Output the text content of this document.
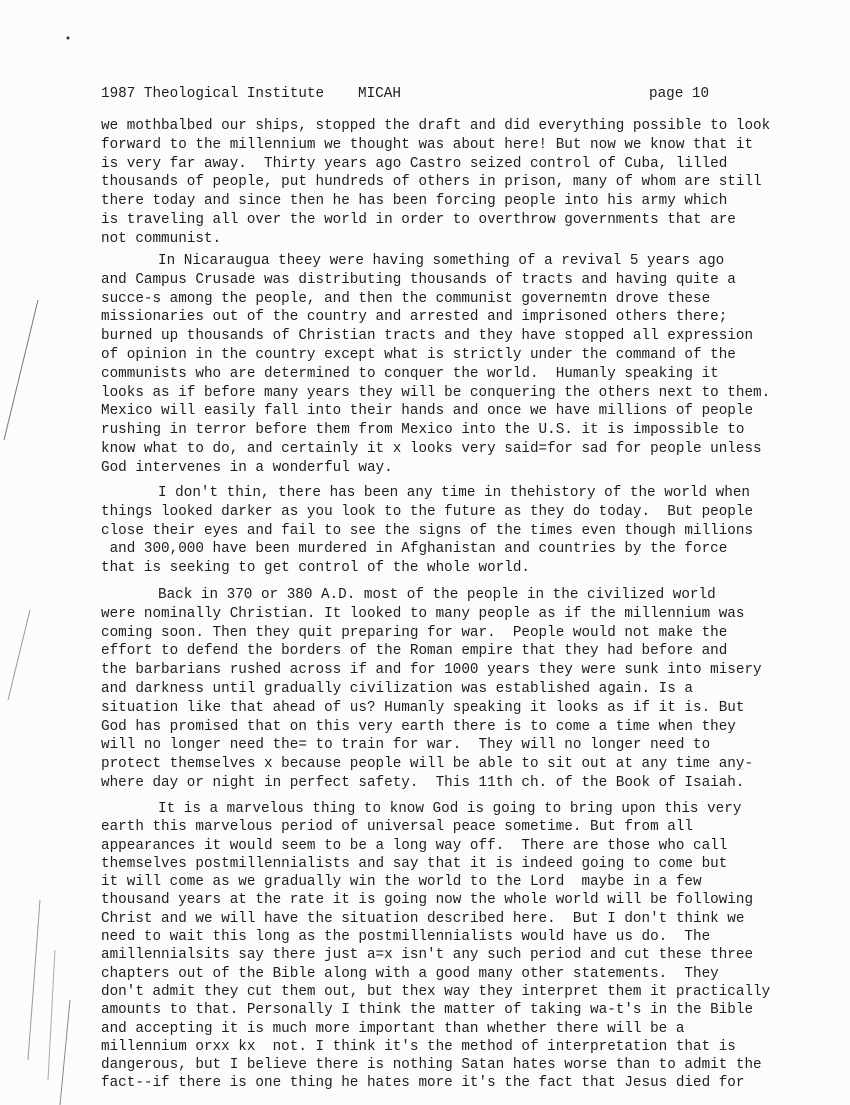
1987 Theological Institute MICAH	page 10
we mothbalbed our ships, stopped the draft and did everything possible to look
forward to the millennium we thought was about here! But now we know that it
is very far away.  Thirty years ago Castro seized control of Cuba, lilled
thousands of people, put hundreds of others in prison, many of whom are still
there today and since then he has been forcing people into his army which
is traveling all over the world in order to overthrow governments that are
not communist.
In Nicaraugua theey were having something of a revival 5 years ago
and Campus Crusade was distributing thousands of tracts and having quite a
succe-s among the people, and then the communist governemtn drove these
missionaries out of the country and arrested and imprisoned others there;
burned up thousands of Christian tracts and they have stopped all expression
of opinion in the country except what is strictly under the command of the
communists who are determined to conquer the world.  Humanly speaking it
looks as if before many years they will be conquering the others next to them.
Mexico will easily fall into their hands and once we have millions of people
rushing in terror before them from Mexico into the U.S. it is impossible to
know what to do, and certainly it x looks very said=for sad for people unless
God intervenes in a wonderful way.
I don't thin, there has been any time in thehistory of the world when
things looked darker as you look to the future as they do today.  But people
close their eyes and fail to see the signs of the times even though millions
and 300,000 have been murdered in Afghanistan and countries by the force
that is seeking to get control of the whole world.
Back in 370 or 380 A.D. most of the people in the civilized world
were nominally Christian. It looked to many people as if the millennium was
coming soon. Then they quit preparing for war.  People would not make the
effort to defend the borders of the Roman empire that they had before and
the barbarians rushed across if and for 1000 years they were sunk into misery
and darkness until gradually civilization was established again. Is a
situation like that ahead of us? Humanly speaking it looks as if it is. But
God has promised that on this very earth there is to come a time when they
will no longer need the= to train for war.  They will no longer need to
protect themselves x because people will be able to sit out at any time any-
where day or night in perfect safety.  This 11th ch. of the Book of Isaiah.
It is a marvelous thing to know God is going to bring upon this very
earth this marvelous period of universal peace sometime. But from all
appearances it would seem to be a long way off.  There are those who call
themselves postmillennialists and say that it is indeed going to come but
it will come as we gradually win the world to the Lord  maybe in a few
thousand years at the rate it is going now the whole world will be following
Christ and we will have the situation described here.  But I don't think we
need to wait this long as the postmillennialists would have us do.  The
amillennialsits say there just a=x isn't any such period and cut these three
chapters out of the Bible along with a good many other statements.  They
don't admit they cut them out, but thex way they interpret them it practically
amounts to that. Personally I think the matter of taking wa-t's in the Bible
and accepting it is much more important than whether there will be a
millennium orxx kx  not. I think it's the method of interpretation that is
dangerous, but I believe there is nothing Satan hates worse than to admit the
fact--if there is one thing he hates more it's the fact that Jesus died for
